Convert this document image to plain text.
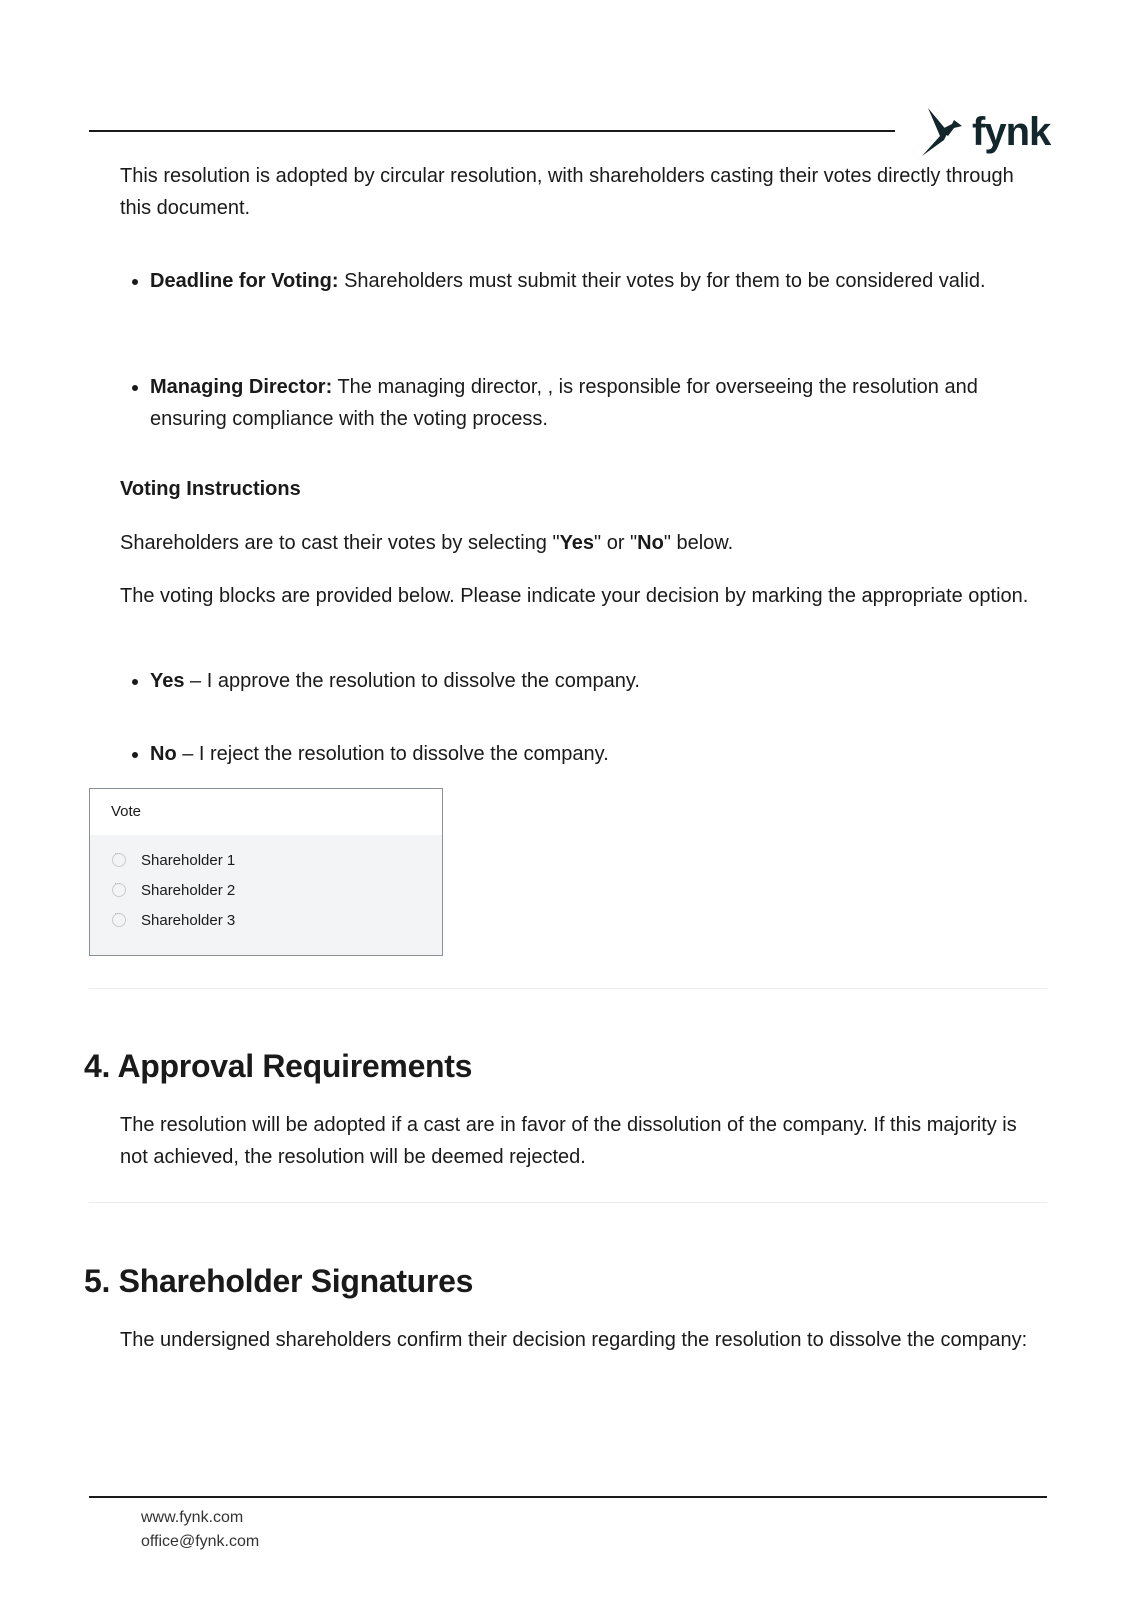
fynk

This resolution is adopted by circular resolution, with shareholders casting their votes directly through this document.

Deadline for Voting: Shareholders must submit their votes by for them to be considered valid.
Managing Director: The managing director, , is responsible for overseeing the resolution and ensuring compliance with the voting process.
Voting Instructions

Shareholders are to cast their votes by selecting "Yes" or "No" below.

The voting blocks are provided below. Please indicate your decision by marking the appropriate option.

Yes – I approve the resolution to dissolve the company.
No – I reject the resolution to dissolve the company.
Vote
···
Shareholder 1
···
Shareholder 2
···
Shareholder 3
4. Approval Requirements

The resolution will be adopted if a cast are in favor of the dissolution of the company. If this majority is not achieved, the resolution will be deemed rejected.

5. Shareholder Signatures

The undersigned shareholders confirm their decision regarding the resolution to dissolve the company:

www.fynk.com
office@fynk.com
